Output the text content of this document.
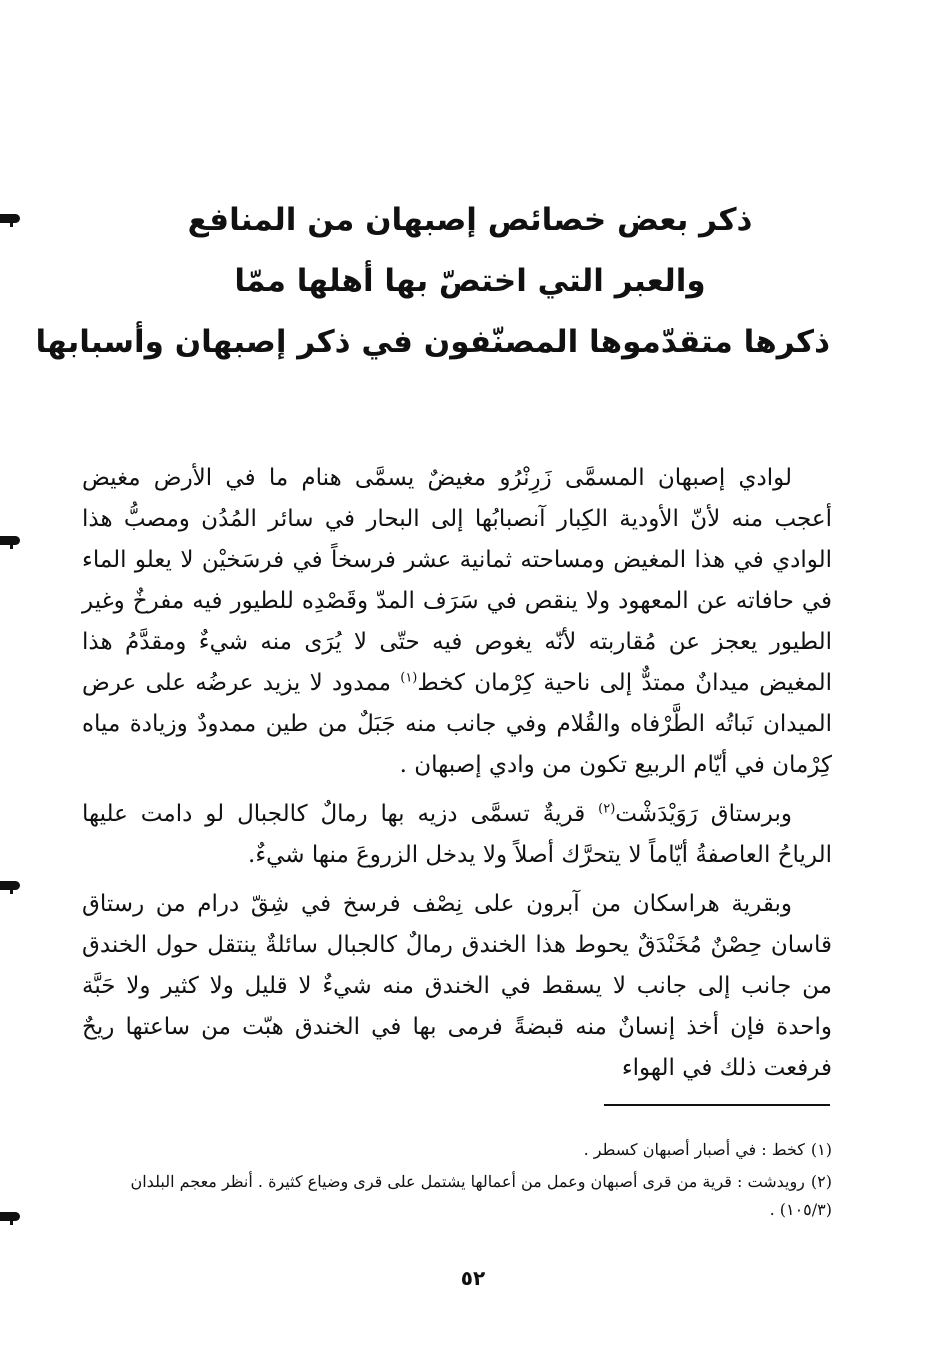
ذكر بعض خصائص إصبهان من المنافع
والعبر التي اختصّ بها أهلها ممّا
ذكرها متقدّموها المصنّفون في ذكر إصبهان وأسبابها

لوادي إصبهان المسمَّى زَرِنْرُو مغيضٌ يسمَّى هنام ما في الأرض مغيض أعجب منه لأنّ الأودية الكِبار آنصبابُها إلى البحار في سائر المُدُن ومصبُّ هذا الوادي في هذا المغيض ومساحته ثمانية عشر فرسخاً في فرسَخيْن لا يعلو الماء في حافاته عن المعهود ولا ينقص في سَرَف المدّ وقَصْدِه للطيور فيه مفرخٌ وغير الطيور يعجز عن مُقاربته لأنّه يغوص فيه حتّى لا يُرَى منه شيءٌ ومقدَّمُ هذا المغيض ميدانٌ ممتدٌّ إلى ناحية كِرْمان كخط$^{(١)}$ ممدود لا يزيد عرضُه على عرض الميدان نَباتُه الطَّرْفاه والقُلام وفي جانب منه جَبَلٌ من طين ممدودٌ وزيادة مياه كِرْمان في أيّام الربيع تكون من وادي إصبهان .

وبرستاق رَوَيْدَشْت$^{(٢)}$ قريةٌ تسمَّى دزيه بها رمالٌ كالجبال لو دامت عليها الرياحُ العاصفةُ أيّاماً لا يتحرَّك أصلاً ولا يدخل الزروعَ منها شيءٌ.

وبقرية هراسكان من آبرون على نِصْف فرسخ في شِقّ درام من رستاق قاسان حِصْنٌ مُخَنْدَقٌ يحوط هذا الخندق رمالٌ كالجبال سائلةٌ ينتقل حول الخندق من جانب إلى جانب لا يسقط في الخندق منه شيءٌ لا قليل ولا كثير ولا حَبَّة واحدة فإن أخذ إنسانٌ منه قبضةً فرمى بها في الخندق هبّت من ساعتها ريحٌ فرفعت ذلك في الهواء

(١)كخط : في أصبار أصبهان كسطر .
(٢)رويدشت : قرية من قرى أصبهان وعمل من أعمالها يشتمل على قرى وضياع كثيرة . أنظر معجم البلدان (١٠٥/٣) .
٥٢
